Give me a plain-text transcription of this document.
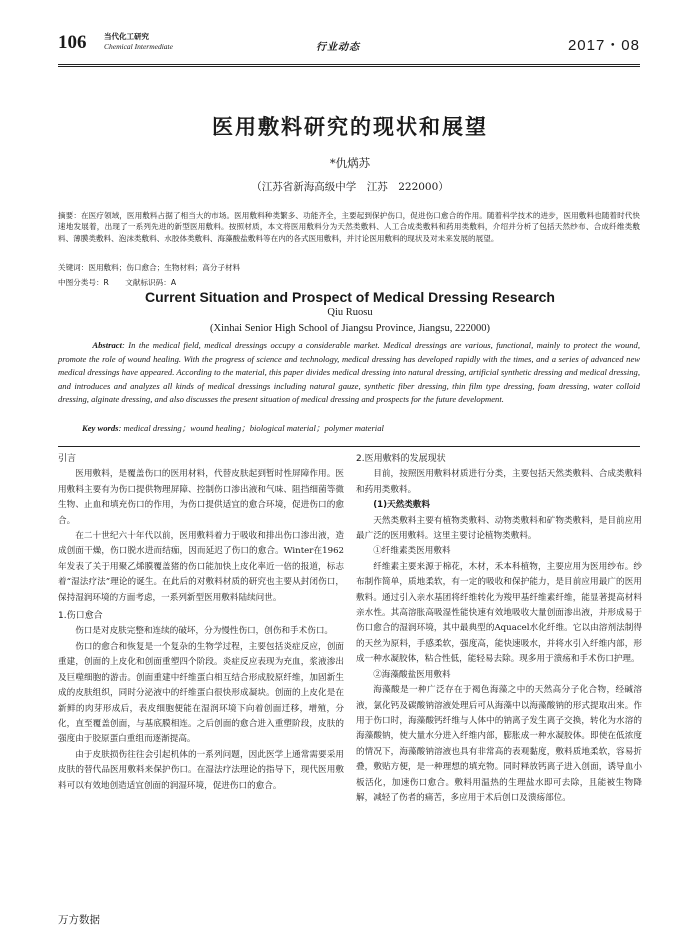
106 当代化工研究
Chemical Intermediate	行业动态	2017・08
医用敷料研究的现状和展望
*仇焫苏
（江苏省新海高级中学　江苏　222000）
摘要：在医疗领域，医用敷料占据了相当大的市场。医用敷料种类繁多、功能齐全，主要起到保护伤口，促进伤口愈合的作用。随着科学技术的进步，医用敷料也随着时代快速地发展着，出现了一系列先进的新型医用敷料。按照材质，本文将医用敷料分为天然类敷料、人工合成类敷料和药用类敷料，介绍并分析了包括天然纱布、合成纤维类敷料、薄膜类敷料、泡沫类敷料、水胶体类敷料、海藻酸盐敷料等在内的各式医用敷料，并讨论医用敷料的现状及对未来发展的展望。
关键词：医用敷料；伤口愈合；生物材料；高分子材料
中图分类号：R 文献标识码：A
Current Situation and Prospect of Medical Dressing Research
Qiu Ruosu
(Xinhai Senior High School of Jiangsu Province, Jiangsu, 222000)
    Abstract: In the medical field, medical dressings occupy a considerable market. Medical dressings are various, functional, mainly to protect the wound, promote the role of wound healing. With the progress of science and technology, medical dressing has developed rapidly with the times, and a series of advanced new medical dressings have appeared. According to the material, this paper divides medical dressing into natural dressing, artificial synthetic dressing and medical dressing, and introduces and analyzes all kinds of medical dressings including natural gauze, synthetic fiber dressing, thin film type dressing, foam dressing, water colloid dressing, alginate dressing, and also discusses the present situation of medical dressing and prospects for the future development.
Key words: medical dressing；wound healing；biological material；polymer material
引言

医用敷料，是覆盖伤口的医用材料，代替皮肤起到暂时性屏障作用。医用敷料主要有为伤口提供物理屏障、控制伤口渗出液和气味、阻挡细菌等微生物、止血和填充伤口的作用，为伤口提供适宜的愈合环境，促进伤口的愈合。

在二十世纪六十年代以前，医用敷料着力于吸收和排出伤口渗出液，造成创面干燥，伤口脱水进而结痂，因而延迟了伤口的愈合。Winter在1962年发表了关于用聚乙烯膜覆盖猪的伤口能加快上皮化率近一倍的报道，标志着“湿法疗法”理论的诞生。在此后的对敷料材质的研究也主要从封闭伤口，保持湿润环境的方面考虑，一系列新型医用敷料陆续问世。

1.伤口愈合

伤口是对皮肤完整和连续的破坏，分为慢性伤口，创伤和手术伤口。

伤口的愈合和恢复是一个复杂的生物学过程，主要包括炎症反应，创面重建，创面的上皮化和创面重塑四个阶段。炎症反应表现为充血，浆液渗出及巨噬细胞的游击。创面重建中纤维蛋白相互结合形成胶原纤维，加固新生成的皮肤组织，同时分泌液中的纤维蛋白很快形成凝块。创面的上皮化是在新鲜的肉芽形成后，表皮细胞便能在湿润环境下向着创面迁移，增殖，分化，直至覆盖创面，与基底膜相连。之后创面的愈合进入重塑阶段，皮肤的强度由于胶原蛋白重组而逐渐提高。

由于皮肤损伤往往会引起机体的一系列问题，因此医学上通常需要采用皮肤的替代品医用敷料来保护伤口。在湿法疗法理论的指导下，现代医用敷料可以有效地创造适宜创面的润湿环境，促进伤口的愈合。

2.医用敷料的发展现状

目前，按照医用敷料材质进行分类，主要包括天然类敷料、合成类敷料和药用类敷料。

(1)天然类敷料

天然类敷料主要有植物类敷料、动物类敷料和矿物类敷料，是目前应用最广泛的医用敷料。这里主要讨论植物类敷料。

①纤维素类医用敷料

纤维素主要来源于棉花，木材，禾本科植物，主要应用为医用纱布。纱布制作简单，质地柔软，有一定的吸收和保护能力，是目前应用最广的医用敷料。通过引入亲水基团将纤维转化为羧甲基纤维素纤维，能显著提高材料亲水性。其高溶胀高吸湿性能快速有效地吸收大量创面渗出液，并形成易于伤口愈合的湿润环境，其中最典型的Aquacel水化纤维。它以由溶剂法制得的天丝为原料，手感柔软，强度高，能快速吸水，并将水引入纤维内部，形成一种水凝胶体，粘合性低，能轻易去除。现多用于溃疡和手术伤口护理。

②海藻酸盐医用敷料

海藻酸是一种广泛存在于褐色海藻之中的天然高分子化合物，经碱溶液，氯化钙及碳酸钠溶液处理后可从海藻中以海藻酸钠的形式提取出来。作用于伤口时，海藻酸钙纤维与人体中的钠离子发生离子交换，转化为水溶的海藻酸钠，使大量水分进入纤维内部，膨胀成一种水凝胶体。即使在低浓度的情况下，海藻酸钠溶液也具有非常高的表观黏度，敷料质地柔软，容易折叠，敷贴方便，是一种理想的填充物。同时释放钙离子进入创面，诱导血小板活化，加速伤口愈合。敷料用温热的生理盐水即可去除，且能被生物降解，减轻了伤者的痛苦，多应用于术后创口及溃疡部位。

万方数据
